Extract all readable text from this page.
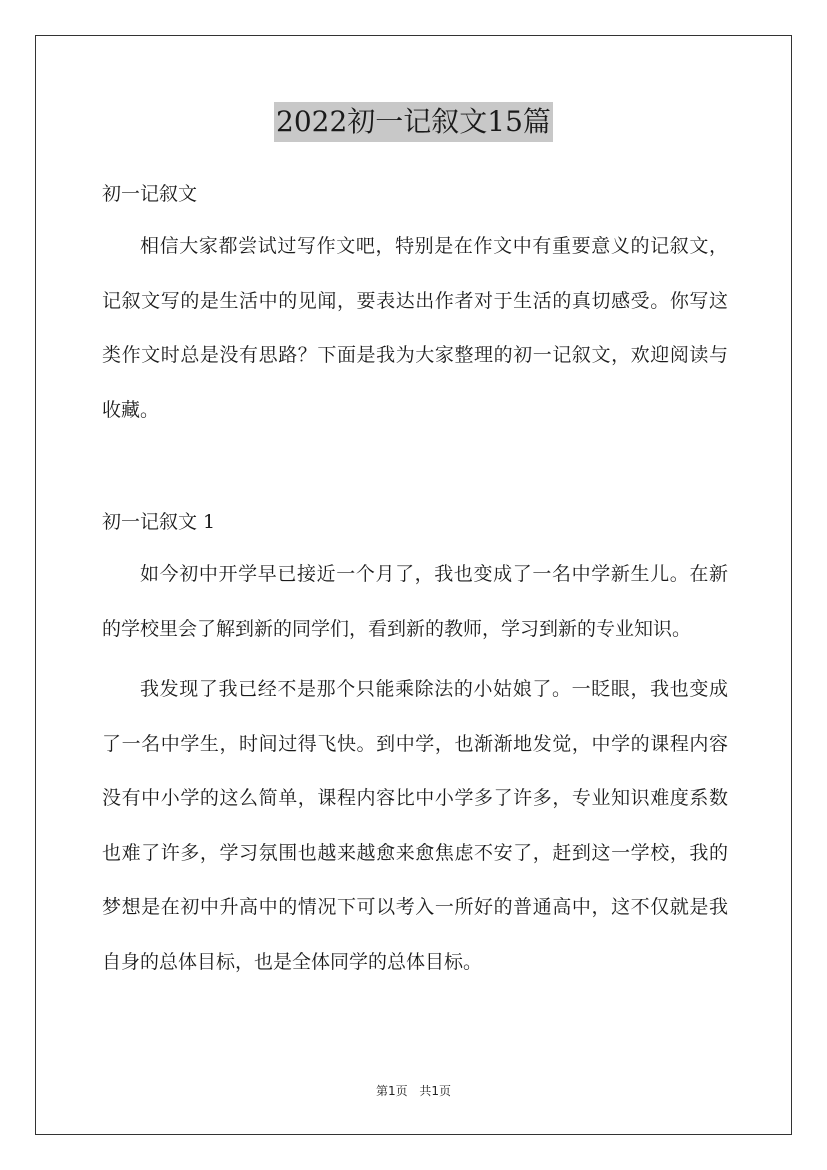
2022初一记叙文15篇

初一记叙文

相信大家都尝试过写作文吧，特别是在作文中有重要意义的记叙文，记叙文写的是生活中的见闻，要表达出作者对于生活的真切感受。你写这类作文时总是没有思路？下面是我为大家整理的初一记叙文，欢迎阅读与收藏。

初一记叙文 1

如今初中开学早已接近一个月了，我也变成了一名中学新生儿。在新的学校里会了解到新的同学们，看到新的教师，学习到新的专业知识。

我发现了我已经不是那个只能乘除法的小姑娘了。一眨眼，我也变成了一名中学生，时间过得飞快。到中学，也渐渐地发觉，中学的课程内容没有中小学的这么简单，课程内容比中小学多了许多，专业知识难度系数也难了许多，学习氛围也越来越愈来愈焦虑不安了，赶到这一学校，我的梦想是在初中升高中的情况下可以考入一所好的普通高中，这不仅就是我自身的总体目标，也是全体同学的总体目标。

第1页 共1页
